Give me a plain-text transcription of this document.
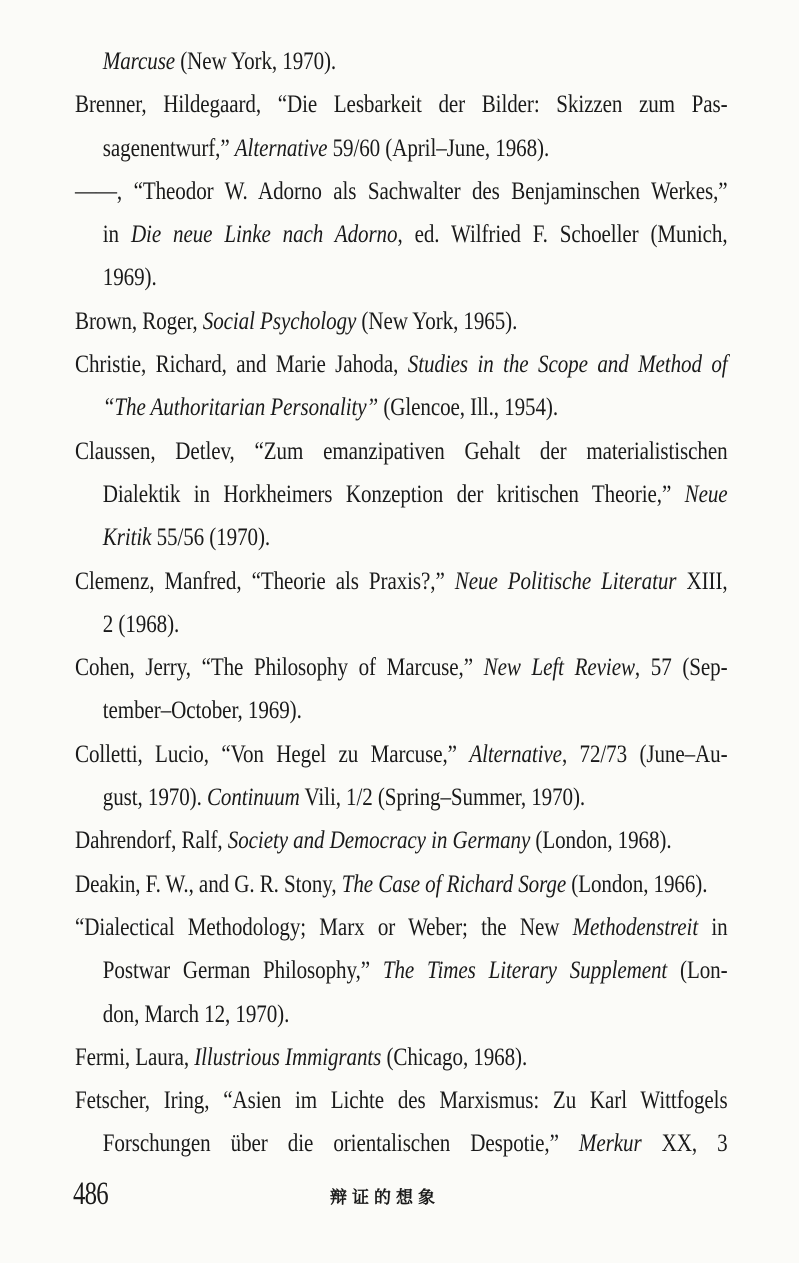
Marcuse (New York, 1970).
Brenner, Hildegaard, “Die Lesbarkeit der Bilder: Skizzen zum Pas-
sagenentwurf,” Alternative 59/60 (April–June, 1968).
——, “Theodor W. Adorno als Sachwalter des Benjaminschen Werkes,”
in Die neue Linke nach Adorno, ed. Wilfried F. Schoeller (Munich,
1969).
Brown, Roger, Social Psychology (New York, 1965).
Christie, Richard, and Marie Jahoda, Studies in the Scope and Method of
“The Authoritarian Personality” (Glencoe, Ill., 1954).
Claussen, Detlev, “Zum emanzipativen Gehalt der materialistischen
Dialektik in Horkheimers Konzeption der kritischen Theorie,” Neue
Kritik 55/56 (1970).
Clemenz, Manfred, “Theorie als Praxis?,” Neue Politische Literatur XIII,
2 (1968).
Cohen, Jerry, “The Philosophy of Marcuse,” New Left Review, 57 (Sep-
tember–October, 1969).
Colletti, Lucio, “Von Hegel zu Marcuse,” Alternative, 72/73 (June–Au-
gust, 1970). Continuum Vili, 1/2 (Spring–Summer, 1970).
Dahrendorf, Ralf, Society and Democracy in Germany (London, 1968).
Deakin, F. W., and G. R. Stony, The Case of Richard Sorge (London, 1966).
“Dialectical Methodology; Marx or Weber; the New Methodenstreit in
Postwar German Philosophy,” The Times Literary Supplement (Lon-
don, March 12, 1970).
Fermi, Laura, Illustrious Immigrants (Chicago, 1968).
Fetscher, Iring, “Asien im Lichte des Marxismus: Zu Karl Wittfogels
Forschungen über die orientalischen Despotie,” Merkur XX, 3
486	辩证的想象
